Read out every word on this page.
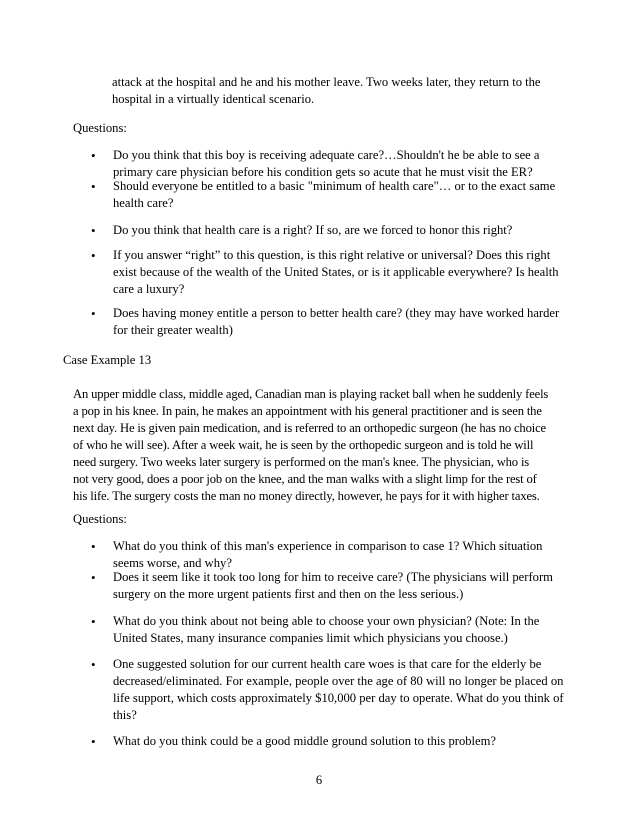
attack at the hospital and he and his mother leave. Two weeks later, they return to the
hospital in a virtually identical scenario.

Questions:
• Do you think that this boy is receiving adequate care?…Shouldn't he be able to see a
primary care physician before his condition gets so acute that he must visit the ER?
• Should everyone be entitled to a basic "minimum of health care"… or to the exact same
health care?
• Do you think that health care is a right? If so, are we forced to honor this right?
• If you answer “right” to this question, is this right relative or universal? Does this right
exist because of the wealth of the United States, or is it applicable everywhere? Is health
care a luxury?
• Does having money entitle a person to better health care? (they may have worked harder
for their greater wealth)
Case Example 13

An upper middle class, middle aged, Canadian man is playing racket ball when he suddenly feels
a pop in his knee. In pain, he makes an appointment with his general practitioner and is seen the
next day. He is given pain medication, and is referred to an orthopedic surgeon (he has no choice
of who he will see). After a week wait, he is seen by the orthopedic surgeon and is told he will
need surgery. Two weeks later surgery is performed on the man's knee. The physician, who is
not very good, does a poor job on the knee, and the man walks with a slight limp for the rest of
his life. The surgery costs the man no money directly, however, he pays for it with higher taxes.

Questions:
• What do you think of this man's experience in comparison to case 1? Which situation
seems worse, and why?
• Does it seem like it took too long for him to receive care? (The physicians will perform
surgery on the more urgent patients first and then on the less serious.)
• What do you think about not being able to choose your own physician? (Note: In the
United States, many insurance companies limit which physicians you choose.)
• One suggested solution for our current health care woes is that care for the elderly be
decreased/eliminated. For example, people over the age of 80 will no longer be placed on
life support, which costs approximately $10,000 per day to operate. What do you think of
this?
• What do you think could be a good middle ground solution to this problem?
6
